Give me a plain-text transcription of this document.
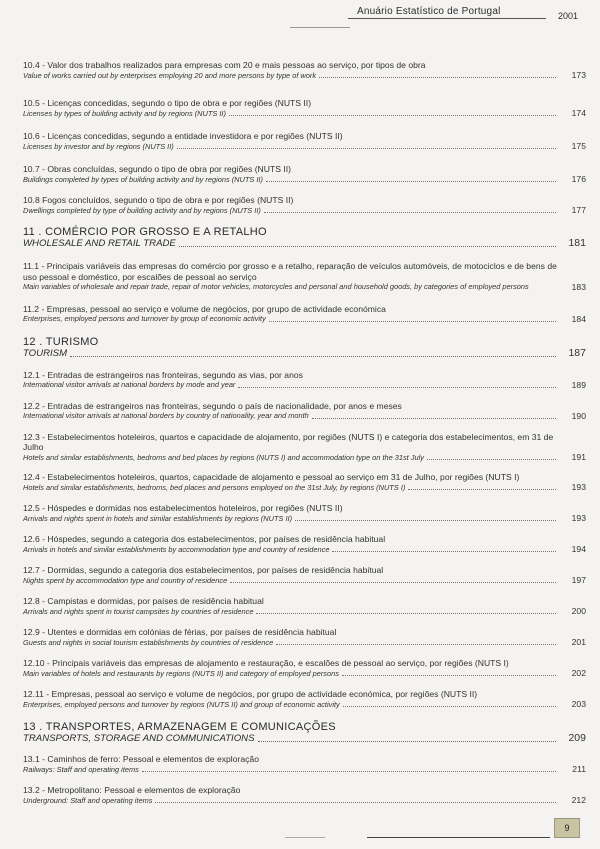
Anuário Estatístico de Portugal	2001
10.4 - Valor dos trabalhos realizados para empresas com 20 e mais pessoas ao serviço, por tipos de obra
Value of works carried out by enterprises employing 20 and more persons by type of work	173
10.5 - Licenças concedidas, segundo o tipo de obra e por regiões (NUTS II)
Licenses by types of building activity and by regions (NUTS II)	174
10.6 - Licenças concedidas, segundo a entidade investidora e por regiões (NUTS II)
Licenses by investor and by regions (NUTS II)	175
10.7 - Obras concluídas, segundo o tipo de obra por regiões (NUTS II)
Buildings completed by types of building activity and by regions (NUTS II)	176
10.8 Fogos concluídos, segundo o tipo de obra e por regiões (NUTS II)
Dwellings completed by type of building activity and by regions (NUTS II)	177
11 . COMÉRCIO POR GROSSO E A RETALHO
WHOLESALE AND RETAIL TRADE	181
11.1 - Principais variáveis das empresas do comércio por grosso e a retalho, reparação de veículos automóveis, de motociclos e de bens de uso pessoal e doméstico, por escalões de pessoal ao serviço
Main variables of wholesale and repair trade, repair of motor vehicles, motorcycles and personal and household goods, by categories of employed persons	183
11.2 - Empresas, pessoal ao serviço e volume de negócios, por grupo de actividade económica
Enterprises, employed persons and turnover by group of economic activity	184
12 . TURISMO
TOURISM	187
12.1 - Entradas de estrangeiros nas fronteiras, segundo as vias, por anos
International visitor arrivals at national borders by mode and year	189
12.2 - Entradas de estrangeiros nas fronteiras, segundo o país de nacionalidade, por anos e meses
International visitor arrivals at national borders by country of nationality, year and month	190
12.3 - Estabelecimentos hoteleiros, quartos e capacidade de alojamento, por regiões (NUTS I) e categoria dos estabelecimentos, em 31 de Julho
Hotels and similar establishments, bedroms and bed places by regions (NUTS I) and accommodation type on the 31st July	191
12.4 - Estabelecimentos hoteleiros, quartos, capacidade de alojamento e pessoal ao serviço em 31 de Julho, por regiões (NUTS I)
Hotels and similar establishments, bedroms, bed places and persons employed on the 31st July, by regions (NUTS I)	193
12.5 - Hóspedes e dormidas nos estabelecimentos hoteleiros, por regiões (NUTS II)
Arrivals and nights spent in hotels and similar establishments by regions (NUTS II)	193
12.6 - Hóspedes, segundo a categoria dos estabelecimentos, por países de residência habitual
Arrivals in hotels and similar establishments by accommodation type and country of residence	194
12.7 - Dormidas, segundo a categoria dos estabelecimentos, por países de residência habitual
Nights spent by accommodation type and country of residence	197
12.8 - Campistas e dormidas, por países de residência habitual
Arrivals and nights spent in tourist campsites by countries of residence	200
12.9 - Utentes e dormidas em colónias de férias, por países de residência habitual
Guests and nights in social tourism establishments by countries of residence	201
12.10 - Principais variáveis das empresas de alojamento e restauração, e escalões de pessoal ao serviço, por regiões (NUTS I)
Main variables of hotels and restaurants by regions (NUTS II) and category of employed persons	202
12.11 - Empresas, pessoal ao serviço e volume de negócios, por grupo de actividade económica, por regiões (NUTS II)
Enterprises, employed persons and turnover by regions (NUTS II) and group of economic activity	203
13 . TRANSPORTES, ARMAZENAGEM E COMUNICAÇÕES
TRANSPORTS, STORAGE AND COMMUNICATIONS	209
13.1 - Caminhos de ferro: Pessoal e elementos de exploração
Railways: Staff and operating items	211
13.2 - Metropolitano: Pessoal e elementos de exploração
Underground: Staff and operating items	212
9
